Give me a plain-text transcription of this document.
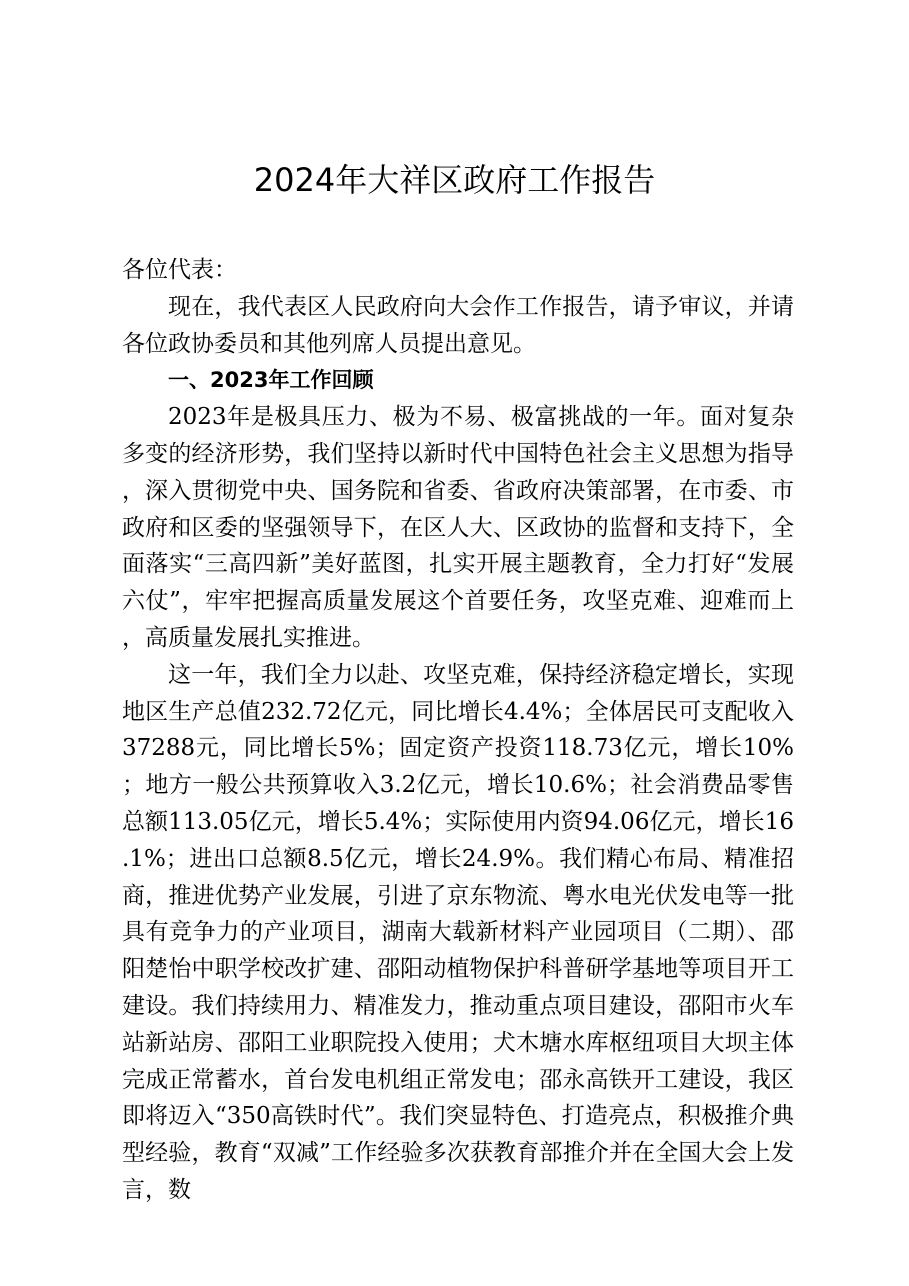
2024年大祥区政府工作报告

各位代表：

现在，我代表区人民政府向大会作工作报告，请予审议，并请各位政协委员和其他列席人员提出意见。

一、2023年工作回顾

2023年是极具压力、极为不易、极富挑战的一年。面对复杂多变的经济形势，我们坚持以新时代中国特色社会主义思想为指导，深入贯彻党中央、国务院和省委、省政府决策部署，在市委、市政府和区委的坚强领导下，在区人大、区政协的监督和支持下，全面落实“三高四新”美好蓝图，扎实开展主题教育，全力打好“发展六仗”，牢牢把握高质量发展这个首要任务，攻坚克难、迎难而上，高质量发展扎实推进。

这一年，我们全力以赴、攻坚克难，保持经济稳定增长，实现地区生产总值232.72亿元，同比增长4.4%；全体居民可支配收入37288元，同比增长5%；固定资产投资118.73亿元，增长10%；地方一般公共预算收入3.2亿元，增长10.6%；社会消费品零售总额113.05亿元，增长5.4%；实际使用内资94.06亿元，增长16.1%；进出口总额8.5亿元，增长24.9%。我们精心布局、精准招商，推进优势产业发展，引进了京东物流、粤水电光伏发电等一批具有竞争力的产业项目，湖南大载新材料产业园项目（二期）、邵阳楚怡中职学校改扩建、邵阳动植物保护科普研学基地等项目开工建设。我们持续用力、精准发力，推动重点项目建设，邵阳市火车站新站房、邵阳工业职院投入使用；犬木塘水库枢纽项目大坝主体完成正常蓄水，首台发电机组正常发电；邵永高铁开工建设，我区即将迈入“350高铁时代”。我们突显特色、打造亮点，积极推介典型经验，教育“双减”工作经验多次获教育部推介并在全国大会上发言，数
